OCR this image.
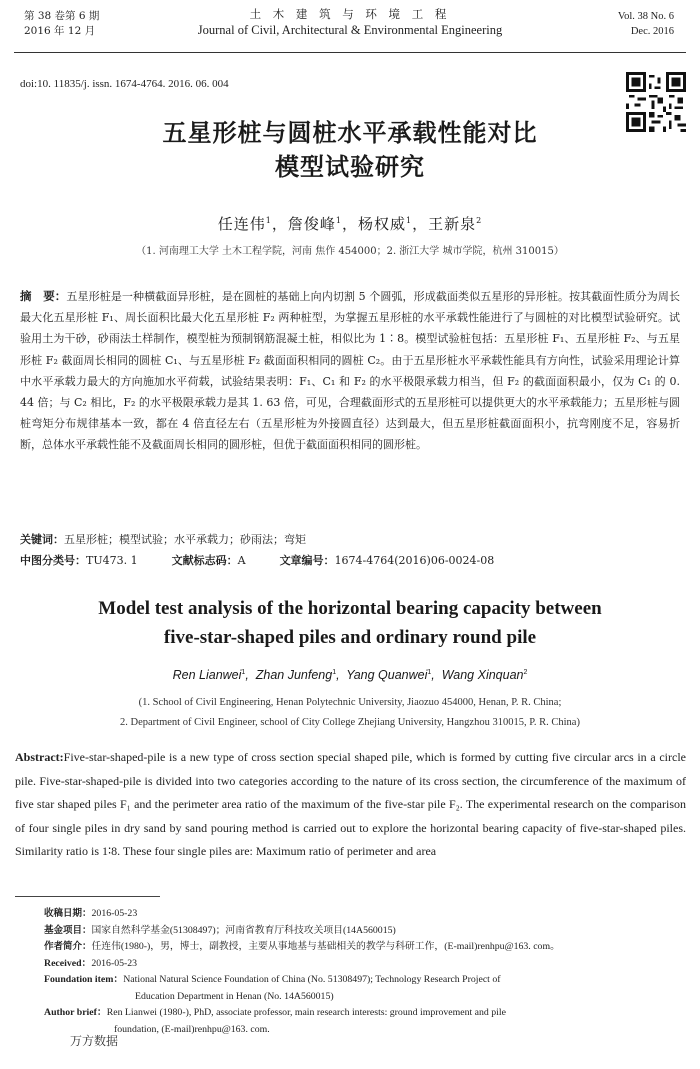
第 38 卷第 6 期
2016 年 12 月
土 木 建 筑 与 环 境 工 程
Journal of Civil, Architectural & Environmental Engineering
Vol. 38 No. 6
Dec. 2016
doi:10. 11835/j. issn. 1674-4764. 2016. 06. 004
五星形桩与圆桩水平承载性能对比
模型试验研究
任连伟$^1$，詹俊峰$^1$，杨权威$^1$，王新泉$^2$
（1. 河南理工大学 土木工程学院，河南 焦作 454000；2. 浙江大学 城市学院，杭州 310015）
摘　要：五星形桩是一种横截面异形桩，是在圆桩的基础上向内切割 5 个圆弧，形成截面类似五星形的异形桩。按其截面性质分为周长最大化五星形桩 F₁、周长面积比最大化五星形桩 F₂ 两种桩型，为掌握五星形桩的水平承载性能进行了与圆桩的对比模型试验研究。试验用土为干砂，砂雨法土样制作，模型桩为预制钢筋混凝土桩，相似比为 1∶8。模型试验桩包括：五星形桩 F₁、五星形桩 F₂、与五星形桩 F₂ 截面周长相同的圆桩 C₁、与五星形桩 F₂ 截面面积相同的圆桩 C₂。由于五星形桩水平承载性能具有方向性，试验采用理论计算中水平承载力最大的方向施加水平荷载，试验结果表明：F₁、C₁ 和 F₂ 的水平极限承载力相当，但 F₂ 的截面面积最小，仅为 C₁ 的 0. 44 倍；与 C₂ 相比，F₂ 的水平极限承载力是其 1. 63 倍，可见，合理截面形式的五星形桩可以提供更大的水平承载能力；五星形桩与圆桩弯矩分布规律基本一致，都在 4 倍直径左右（五星形桩为外接圆直径）达到最大，但五星形桩截面面积小，抗弯刚度不足，容易折断，总体水平承载性能不及截面周长相同的圆形桩，但优于截面面积相同的圆形桩。
关键词：五星形桩；模型试验；水平承载力；砂雨法；弯矩
中图分类号：TU473. 1	文献标志码：A	文章编号：1674-4764(2016)06-0024-08
Model test analysis of the horizontal bearing capacity between
five-star-shaped piles and ordinary round pile
Ren Lianwei$^1$,  Zhan Junfeng$^1$,  Yang Quanwei$^1$,  Wang Xinquan$^2$
(1. School of Civil Engineering, Henan Polytechnic University, Jiaozuo 454000, Henan, P. R. China;
2. Department of Civil Engineer, school of City College Zhejiang University, Hangzhou 310015, P. R. China)
Abstract:Five-star-shaped-pile is a new type of cross section special shaped pile, which is formed by cutting five circular arcs in a circle pile. Five-star-shaped-pile is divided into two categories according to the nature of its cross section, the circumference of the maximum of five star shaped piles F₁ and the perimeter area ratio of the maximum of the five-star pile F₂. The experimental research on the comparison of four single piles in dry sand by sand pouring method is carried out to explore the horizontal bearing capacity of five-star-shaped piles. Similarity ratio is 1∶8. These four single piles are: Maximum ratio of perimeter and area
收稿日期： 2016-05-23
基金项目： 国家自然科学基金(51308497)；河南省教育厅科技攻关项目(14A560015)
作者简介： 任连伟(1980-)，男，博士，副教授，主要从事地基与基础相关的教学与科研工作，(E-mail)renhpu@163. com。
Received： 2016-05-23
Foundation item： National Natural Science Foundation of China (No. 51308497); Technology Research Project of
Education Department in Henan (No. 14A560015)
Author brief： Ren Lianwei (1980-), PhD, associate professor, main research interests: ground improvement and pile
foundation, (E-mail)renhpu@163. com.
万方数据
